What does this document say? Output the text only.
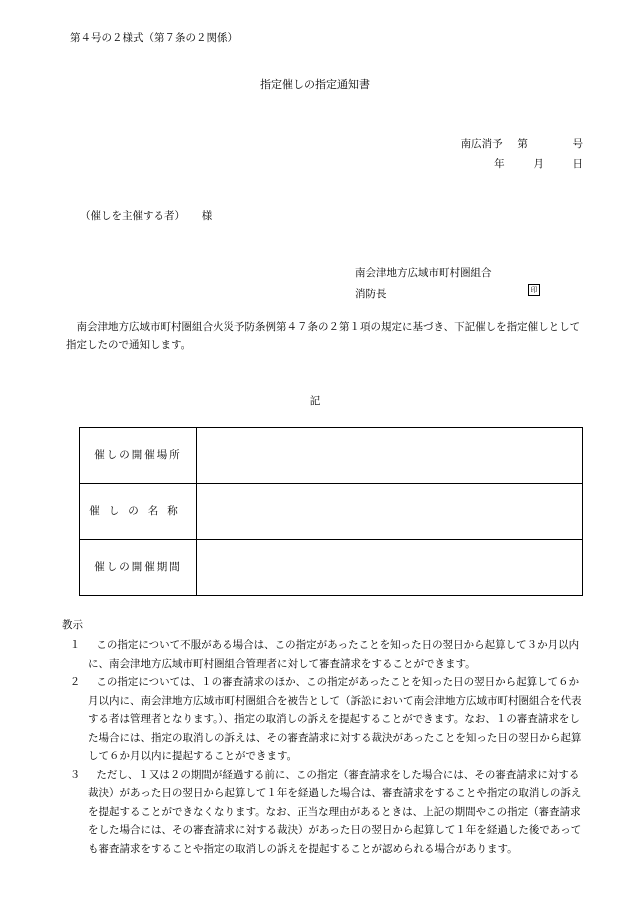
第４号の２様式（第７条の２関係）
指定催しの指定通知書
南広消予 第	号
年	月	日
（催しを主催する者） 様
南会津地方広域市町村圏組合
消防長	印
南会津地方広域市町村圏組合火災予防条例第４７条の２第１項の規定に基づき、下記催しを指定催しとして指定したので通知します。
記
催しの開催場所	
催しの名称	
催しの開催期間	
教示
１	この指定について不服がある場合は、この指定があったことを知った日の翌日から起算して３か月以内に、南会津地方広域市町村圏組合管理者に対して審査請求をすることができます。
２	この指定については、１の審査請求のほか、この指定があったことを知った日の翌日から起算して６か月以内に、南会津地方広域市町村圏組合を被告として（訴訟において南会津地方広域市町村圏組合を代表する者は管理者となります。）、指定の取消しの訴えを提起することができます。なお、１の審査請求をした場合には、指定の取消しの訴えは、その審査請求に対する裁決があったことを知った日の翌日から起算して６か月以内に提起することができます。
３	ただし、１又は２の期間が経過する前に、この指定（審査請求をした場合には、その審査請求に対する裁決）があった日の翌日から起算して１年を経過した場合は、審査請求をすることや指定の取消しの訴えを提起することができなくなります。なお、正当な理由があるときは、上記の期間やこの指定（審査請求をした場合には、その審査請求に対する裁決）があった日の翌日から起算して１年を経過した後であっても審査請求をすることや指定の取消しの訴えを提起することが認められる場合があります。
